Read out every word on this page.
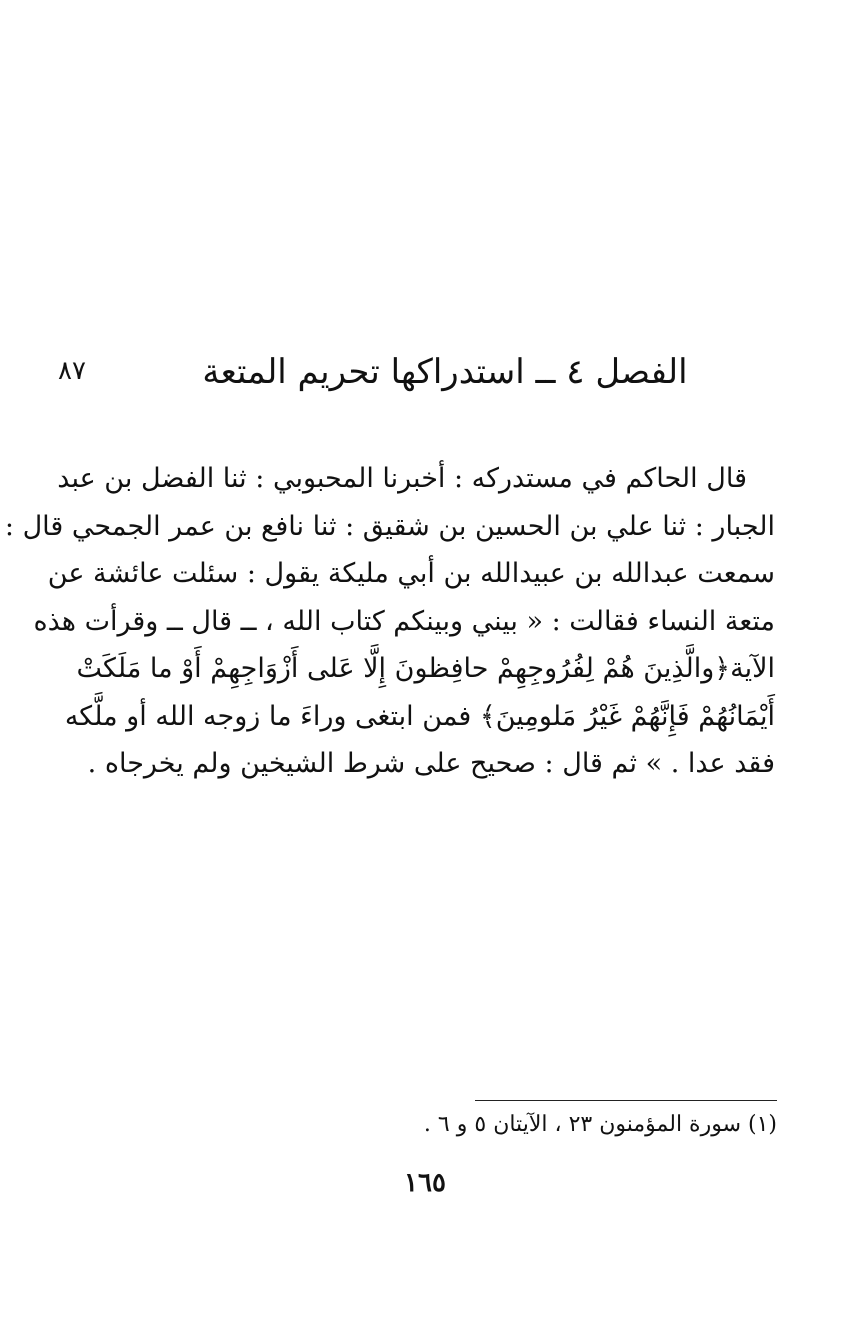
٨٧	الفصل ٤ ــ استدراكها تحريم المتعة
قال الحاكم في مستدركه : أخبرنا المحبوبي : ثنا الفضل بن عبد
الجبار : ثنا علي بن الحسين بن شقيق : ثنا نافع بن عمر الجمحي قال :
سمعت عبدالله بن عبيدالله بن أبي مليكة يقول : سئلت عائشة عن
متعة النساء فقالت : « بيني وبينكم كتاب الله ، ــ قال ــ وقرأت هذه
الآية﴿والَّذِينَ هُمْ لِفُرُوجِهِمْ حافِظونَ إِلَّا عَلى أَزْوَاجِهِمْ أَوْ ما مَلَكَتْ
أَيْمَانُهُمْ فَإِنَّهُمْ غَيْرُ مَلومِينَ﴾ فمن ابتغى وراءَ ما زوجه الله أو ملَّكه
فقد عدا . » ثم قال : صحيح على شرط الشيخين ولم يخرجاه .
(١) سورة المؤمنون ٢٣ ، الآيتان ٥ و ٦ .
١٦٥
